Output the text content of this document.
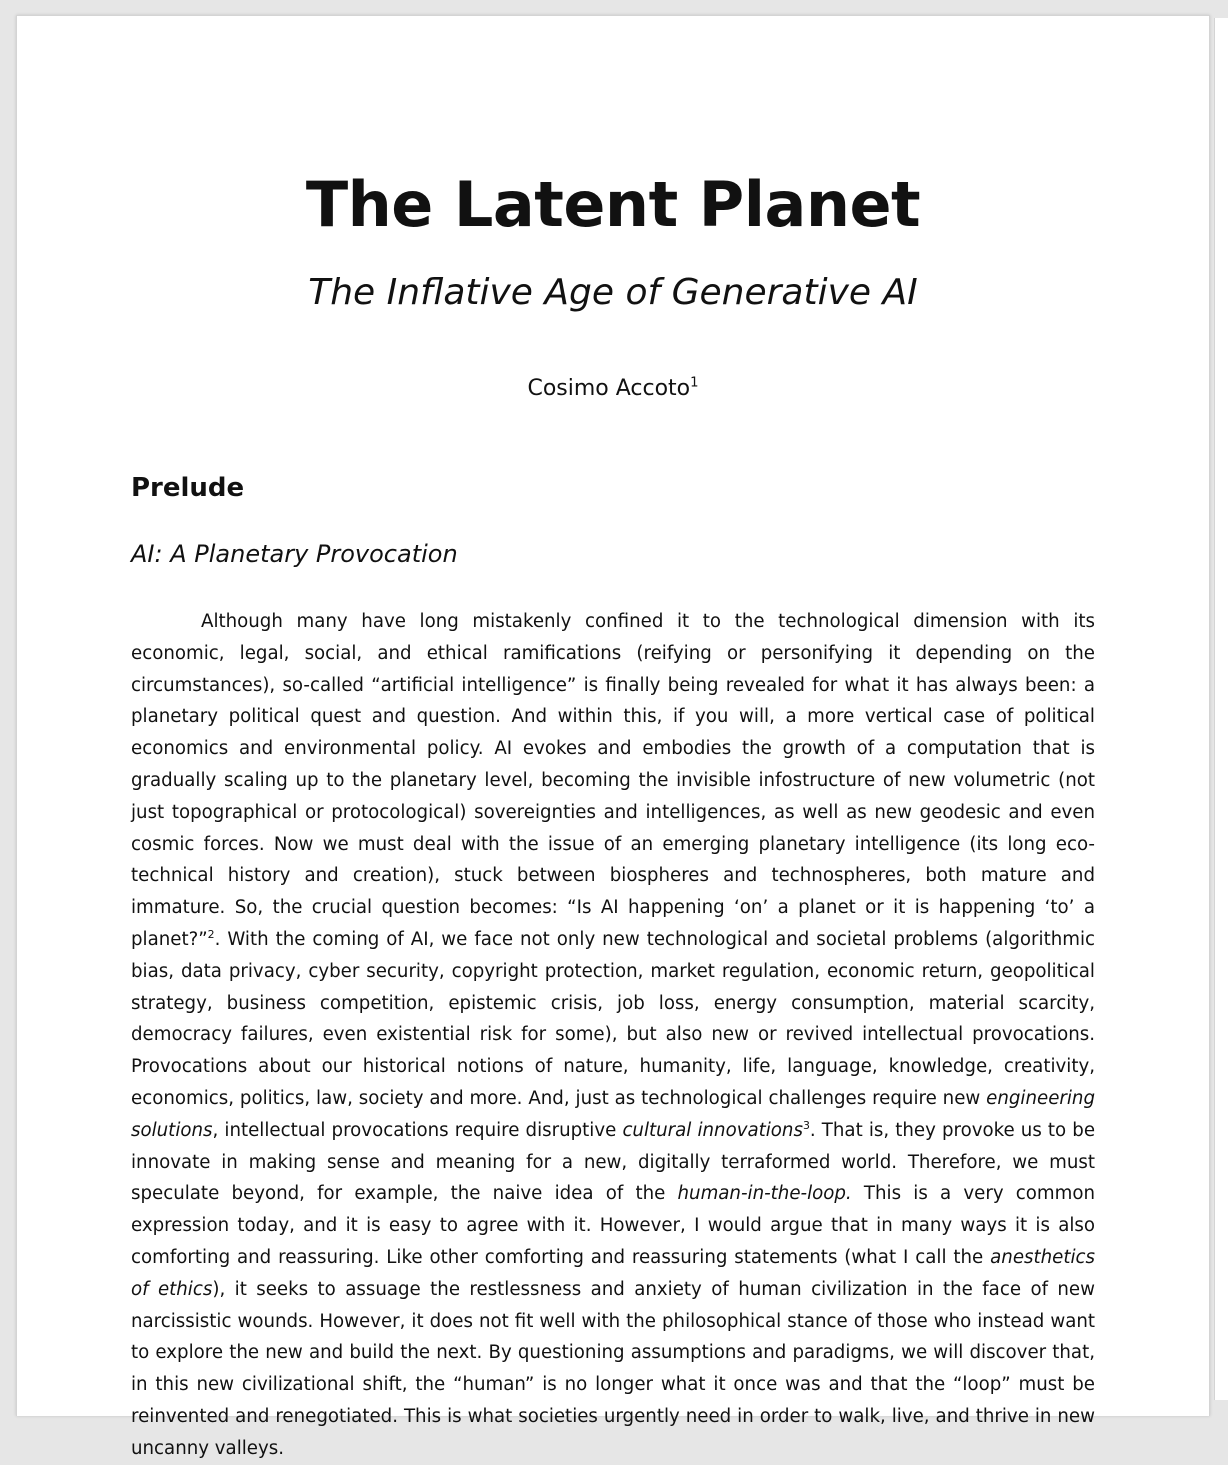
The Latent Planet
The Inflative Age of Generative AI

Cosimo Accoto$^1$

Prelude
AI: A Planetary Provocation

Although many have long mistakenly confined it to the technological dimension with its economic, legal, social, and ethical ramifications (reifying or personifying it depending on the circumstances), so-called “artificial intelligence” is finally being revealed for what it has always been: a planetary political quest and question. And within this, if you will, a more vertical case of political economics and environmental policy. AI evokes and embodies the growth of a computation that is gradually scaling up to the planetary level, becoming the invisible infostructure of new volumetric (not just topographical or protocological) sovereignties and intelligences, as well as new geodesic and even cosmic forces. Now we must deal with the issue of an emerging planetary intelligence (its long eco-technical history and creation), stuck between biospheres and technospheres, both mature and immature. So, the crucial question becomes: “Is AI happening ‘on’ a planet or it is happening ‘to’ a planet?”$^2$. With the coming of AI, we face not only new technological and societal problems (algorithmic bias, data privacy, cyber security, copyright protection, market regulation, economic return, geopolitical strategy, business competition, epistemic crisis, job loss, energy consumption, material scarcity, democracy failures, even existential risk for some), but also new or revived intellectual provocations. Provocations about our historical notions of nature, humanity, life, language, knowledge, creativity, economics, politics, law, society and more. And, just as technological challenges require new engineering solutions, intellectual provocations require disruptive cultural innovations$^3$. That is, they provoke us to be innovate in making sense and meaning for a new, digitally terraformed world. Therefore, we must speculate beyond, for example, the naive idea of the human-in-the-loop. This is a very common expression today, and it is easy to agree with it. However, I would argue that in many ways it is also comforting and reassuring. Like other comforting and reassuring statements (what I call the anesthetics of ethics), it seeks to assuage the restlessness and anxiety of human civilization in the face of new narcissistic wounds. However, it does not fit well with the philosophical stance of those who instead want to explore the new and build the next. By questioning assumptions and paradigms, we will discover that, in this new civilizational shift, the “human” is no longer what it once was and that the “loop” must be reinvented and renegotiated. This is what societies urgently need in order to walk, live, and thrive in new uncanny valleys.
